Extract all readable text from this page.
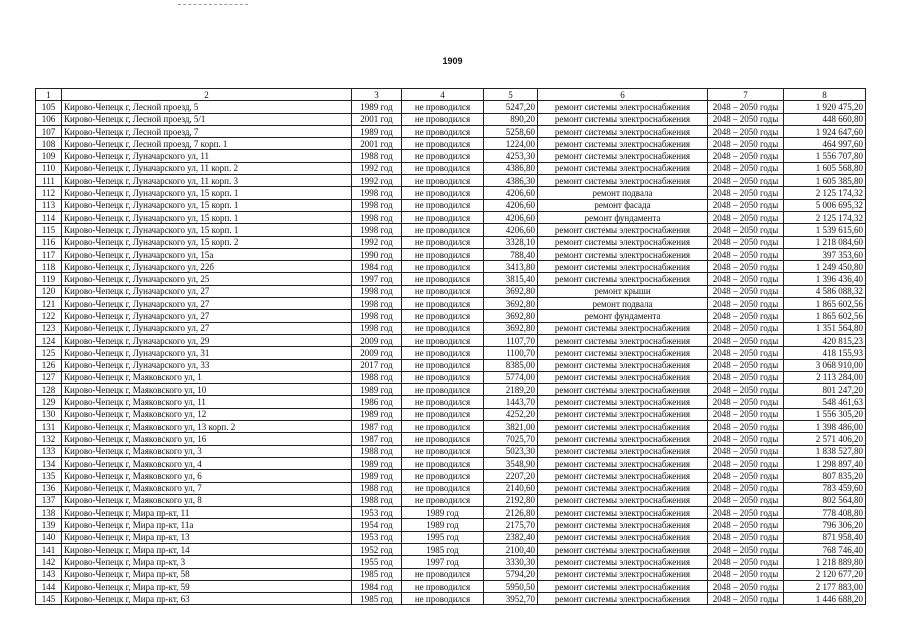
1909
1	2	3	4	5	6	7	8
105	Кирово-Чепецк г, Лесной проезд, 5	1989 год	не проводился	5247,20	ремонт системы электроснабжения	2048 – 2050 годы	1 920 475,20
106	Кирово-Чепецк г, Лесной проезд, 5/1	2001 год	не проводился	890,20	ремонт системы электроснабжения	2048 – 2050 годы	448 660,80
107	Кирово-Чепецк г, Лесной проезд, 7	1989 год	не проводился	5258,60	ремонт системы электроснабжения	2048 – 2050 годы	1 924 647,60
108	Кирово-Чепецк г, Лесной проезд, 7 корп. 1	2001 год	не проводился	1224,00	ремонт системы электроснабжения	2048 – 2050 годы	464 997,60
109	Кирово-Чепецк г, Луначарского ул, 11	1988 год	не проводился	4253,30	ремонт системы электроснабжения	2048 – 2050 годы	1 556 707,80
110	Кирово-Чепецк г, Луначарского ул, 11 корп. 2	1992 год	не проводился	4386,80	ремонт системы электроснабжения	2048 – 2050 годы	1 605 568,80
111	Кирово-Чепецк г, Луначарского ул, 11 корп. 3	1992 год	не проводился	4386,30	ремонт системы электроснабжения	2048 – 2050 годы	1 605 385,80
112	Кирово-Чепецк г, Луначарского ул, 15 корп. 1	1998 год	не проводился	4206,60	ремонт подвала	2048 – 2050 годы	2 125 174,32
113	Кирово-Чепецк г, Луначарского ул, 15 корп. 1	1998 год	не проводился	4206,60	ремонт фасада	2048 – 2050 годы	5 006 695,32
114	Кирово-Чепецк г, Луначарского ул, 15 корп. 1	1998 год	не проводился	4206,60	ремонт фундамента	2048 – 2050 годы	2 125 174,32
115	Кирово-Чепецк г, Луначарского ул, 15 корп. 1	1998 год	не проводился	4206,60	ремонт системы электроснабжения	2048 – 2050 годы	1 539 615,60
116	Кирово-Чепецк г, Луначарского ул, 15 корп. 2	1992 год	не проводился	3328,10	ремонт системы электроснабжения	2048 – 2050 годы	1 218 084,60
117	Кирово-Чепецк г, Луначарского ул, 15а	1990 год	не проводился	788,40	ремонт системы электроснабжения	2048 – 2050 годы	397 353,60
118	Кирово-Чепецк г, Луначарского ул, 22б	1984 год	не проводился	3413,80	ремонт системы электроснабжения	2048 – 2050 годы	1 249 450,80
119	Кирово-Чепецк г, Луначарского ул, 25	1997 год	не проводился	3815,40	ремонт системы электроснабжения	2048 – 2050 годы	1 396 436,40
120	Кирово-Чепецк г, Луначарского ул, 27	1998 год	не проводился	3692,80	ремонт крыши	2048 – 2050 годы	4 586 088,32
121	Кирово-Чепецк г, Луначарского ул, 27	1998 год	не проводился	3692,80	ремонт подвала	2048 – 2050 годы	1 865 602,56
122	Кирово-Чепецк г, Луначарского ул, 27	1998 год	не проводился	3692,80	ремонт фундамента	2048 – 2050 годы	1 865 602,56
123	Кирово-Чепецк г, Луначарского ул, 27	1998 год	не проводился	3692,80	ремонт системы электроснабжения	2048 – 2050 годы	1 351 564,80
124	Кирово-Чепецк г, Луначарского ул, 29	2009 год	не проводился	1107,70	ремонт системы электроснабжения	2048 – 2050 годы	420 815,23
125	Кирово-Чепецк г, Луначарского ул, 31	2009 год	не проводился	1100,70	ремонт системы электроснабжения	2048 – 2050 годы	418 155,93
126	Кирово-Чепецк г, Луначарского ул, 33	2017 год	не проводился	8385,00	ремонт системы электроснабжения	2048 – 2050 годы	3 068 910,00
127	Кирово-Чепецк г, Маяковского ул, 1	1988 год	не проводился	5774,00	ремонт системы электроснабжения	2048 – 2050 годы	2 113 284,00
128	Кирово-Чепецк г, Маяковского ул, 10	1989 год	не проводился	2189,20	ремонт системы электроснабжения	2048 – 2050 годы	801 247,20
129	Кирово-Чепецк г, Маяковского ул, 11	1986 год	не проводился	1443,70	ремонт системы электроснабжения	2048 – 2050 годы	548 461,63
130	Кирово-Чепецк г, Маяковского ул, 12	1989 год	не проводился	4252,20	ремонт системы электроснабжения	2048 – 2050 годы	1 556 305,20
131	Кирово-Чепецк г, Маяковского ул, 13 корп. 2	1987 год	не проводился	3821,00	ремонт системы электроснабжения	2048 – 2050 годы	1 398 486,00
132	Кирово-Чепецк г, Маяковского ул, 16	1987 год	не проводился	7025,70	ремонт системы электроснабжения	2048 – 2050 годы	2 571 406,20
133	Кирово-Чепецк г, Маяковского ул, 3	1988 год	не проводился	5023,30	ремонт системы электроснабжения	2048 – 2050 годы	1 838 527,80
134	Кирово-Чепецк г, Маяковского ул, 4	1989 год	не проводился	3548,90	ремонт системы электроснабжения	2048 – 2050 годы	1 298 897,40
135	Кирово-Чепецк г, Маяковского ул, 6	1989 год	не проводился	2207,20	ремонт системы электроснабжения	2048 – 2050 годы	807 835,20
136	Кирово-Чепецк г, Маяковского ул, 7	1988 год	не проводился	2140,60	ремонт системы электроснабжения	2048 – 2050 годы	783 459,60
137	Кирово-Чепецк г, Маяковского ул, 8	1988 год	не проводился	2192,80	ремонт системы электроснабжения	2048 – 2050 годы	802 564,80
138	Кирово-Чепецк г, Мира пр-кт, 11	1953 год	1989 год	2126,80	ремонт системы электроснабжения	2048 – 2050 годы	778 408,80
139	Кирово-Чепецк г, Мира пр-кт, 11а	1954 год	1989 год	2175,70	ремонт системы электроснабжения	2048 – 2050 годы	796 306,20
140	Кирово-Чепецк г, Мира пр-кт, 13	1953 год	1995 год	2382,40	ремонт системы электроснабжения	2048 – 2050 годы	871 958,40
141	Кирово-Чепецк г, Мира пр-кт, 14	1952 год	1985 год	2100,40	ремонт системы электроснабжения	2048 – 2050 годы	768 746,40
142	Кирово-Чепецк г, Мира пр-кт, 3	1955 год	1997 год	3330,30	ремонт системы электроснабжения	2048 – 2050 годы	1 218 889,80
143	Кирово-Чепецк г, Мира пр-кт, 58	1985 год	не проводился	5794,20	ремонт системы электроснабжения	2048 – 2050 годы	2 120 677,20
144	Кирово-Чепецк г, Мира пр-кт, 59	1984 год	не проводился	5950,50	ремонт системы электроснабжения	2048 – 2050 годы	2 177 883,00
145	Кирово-Чепецк г, Мира пр-кт, 63	1985 год	не проводился	3952,70	ремонт системы электроснабжения	2048 – 2050 годы	1 446 688,20
